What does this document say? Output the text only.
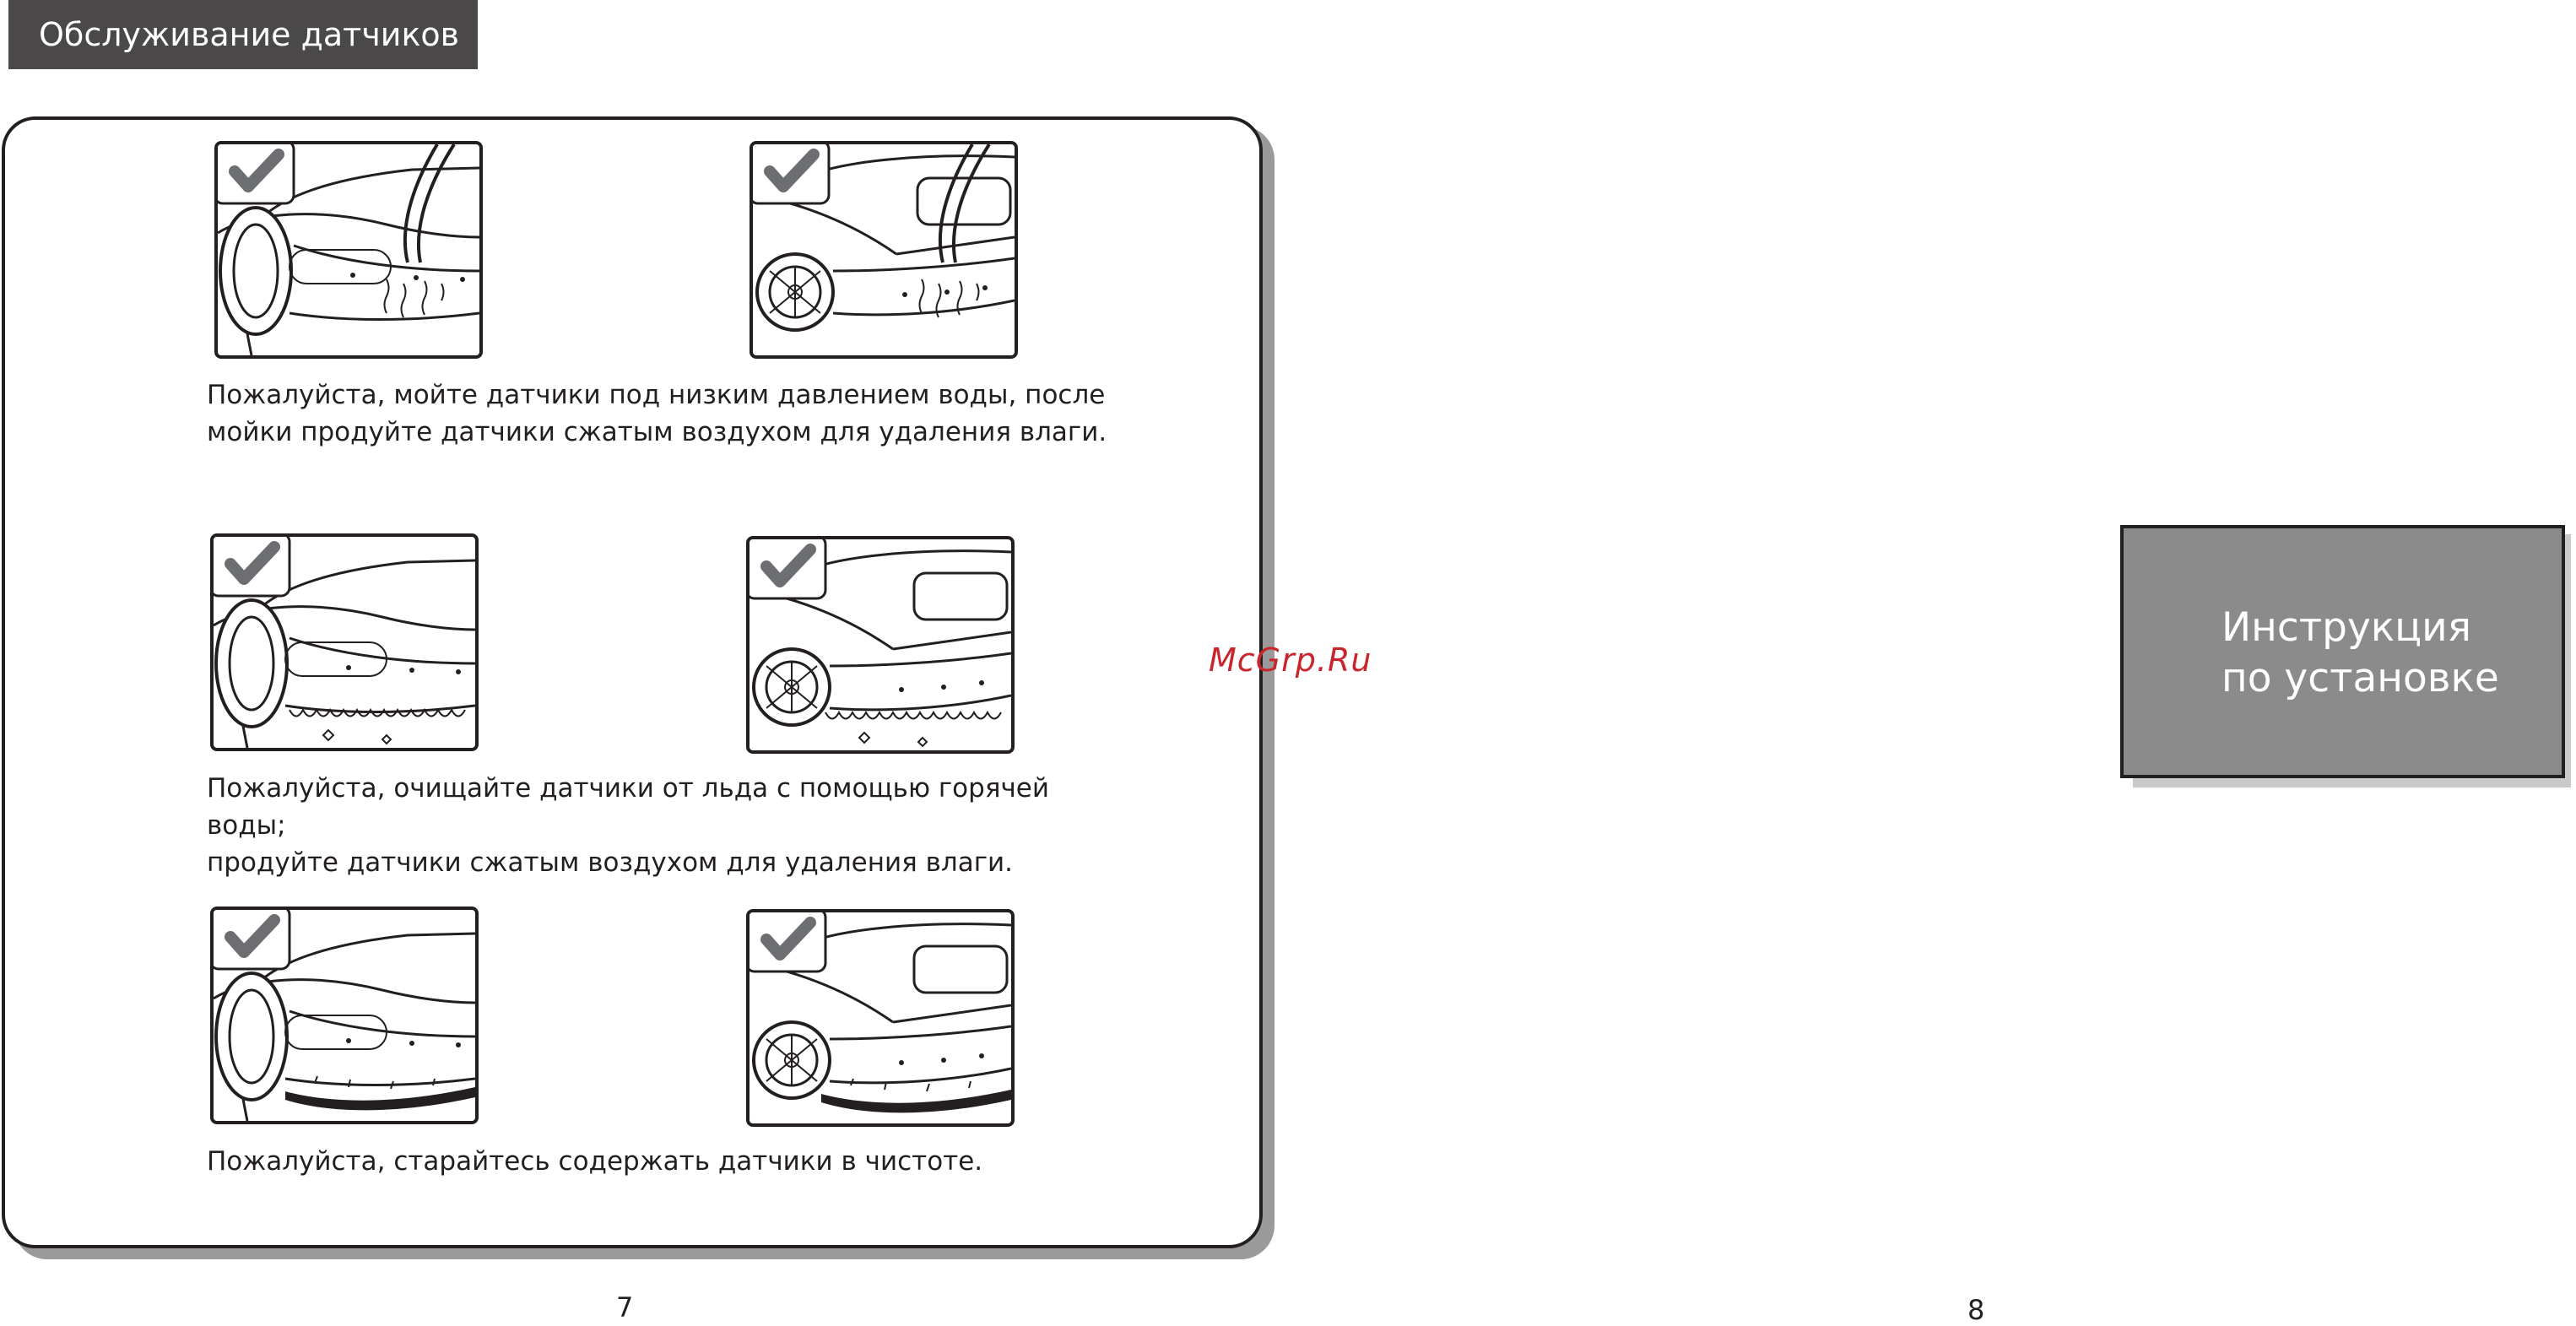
Обслуживание датчиков
Пожалуйста, мойте датчики под низким давлением воды, после
мойки продуйте датчики сжатым воздухом для удаления влаги.
Пожалуйста, очищайте датчики от льда с помощью горячей воды;
продуйте датчики сжатым воздухом для удаления влаги.
Пожалуйста, старайтесь содержать датчики в чистоте.
7
McGrp.Ru
Инструкция
по установке
8
